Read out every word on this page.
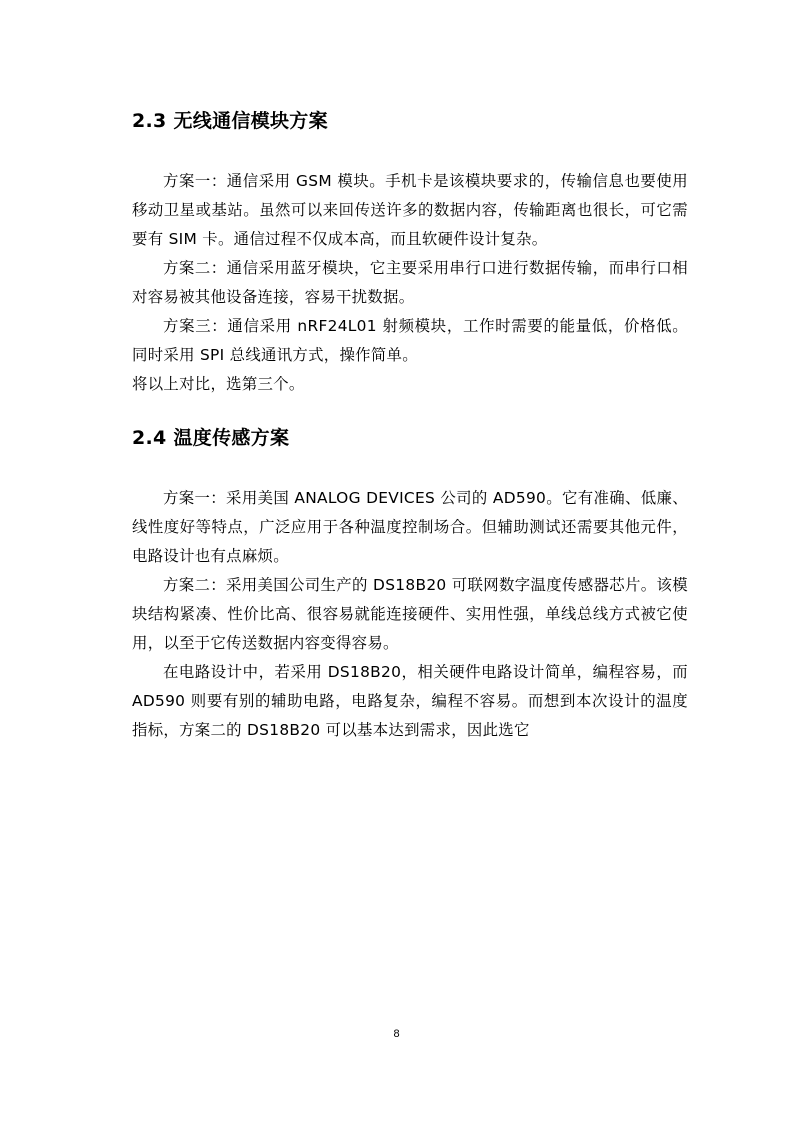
2.3 无线通信模块方案

方案一：通信采用 GSM 模块。手机卡是该模块要求的，传输信息也要使用移动卫星或基站。虽然可以来回传送许多的数据内容，传输距离也很长，可它需要有 SIM 卡。通信过程不仅成本高，而且软硬件设计复杂。

方案二：通信采用蓝牙模块，它主要采用串行口进行数据传输，而串行口相对容易被其他设备连接，容易干扰数据。

方案三：通信采用 nRF24L01 射频模块，工作时需要的能量低，价格低。同时采用 SPI 总线通讯方式，操作简单。

将以上对比，选第三个。

2.4 温度传感方案

方案一：采用美国 ANALOG DEVICES 公司的 AD590。它有准确、低廉、线性度好等特点，广泛应用于各种温度控制场合。但辅助测试还需要其他元件，电路设计也有点麻烦。

方案二：采用美国公司生产的 DS18B20 可联网数字温度传感器芯片。该模块结构紧凑、性价比高、很容易就能连接硬件、实用性强，单线总线方式被它使用，以至于它传送数据内容变得容易。

在电路设计中，若采用 DS18B20，相关硬件电路设计简单，编程容易，而 AD590 则要有别的辅助电路，电路复杂，编程不容易。而想到本次设计的温度指标，方案二的 DS18B20 可以基本达到需求，因此选它

8
